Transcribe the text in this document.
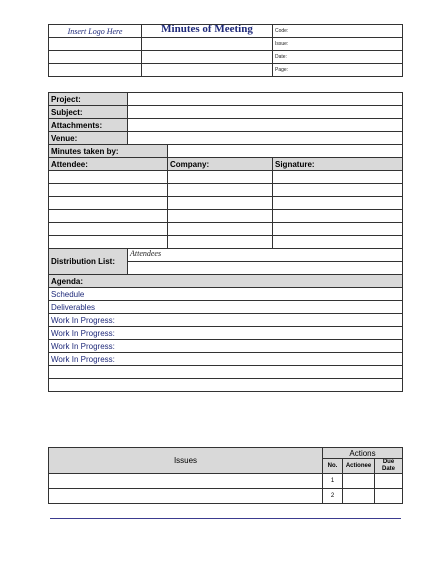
Insert Logo Here	Minutes of Meeting	Code:
		Issue:
		Date:
		Page:
Project:			
Subject:			
Attachments:			
Venue:			
Minutes taken by:			
Attendee:		Company:	Signature:

Distribution List:	Attendees		

Agenda:			
Schedule			
Deliverables			
Work In Progress:			
Work In Progress:			
Work In Progress:			
Work In Progress:			

Issues	Actions		
	No.	Actionee	Due Date
	1		
	2		
